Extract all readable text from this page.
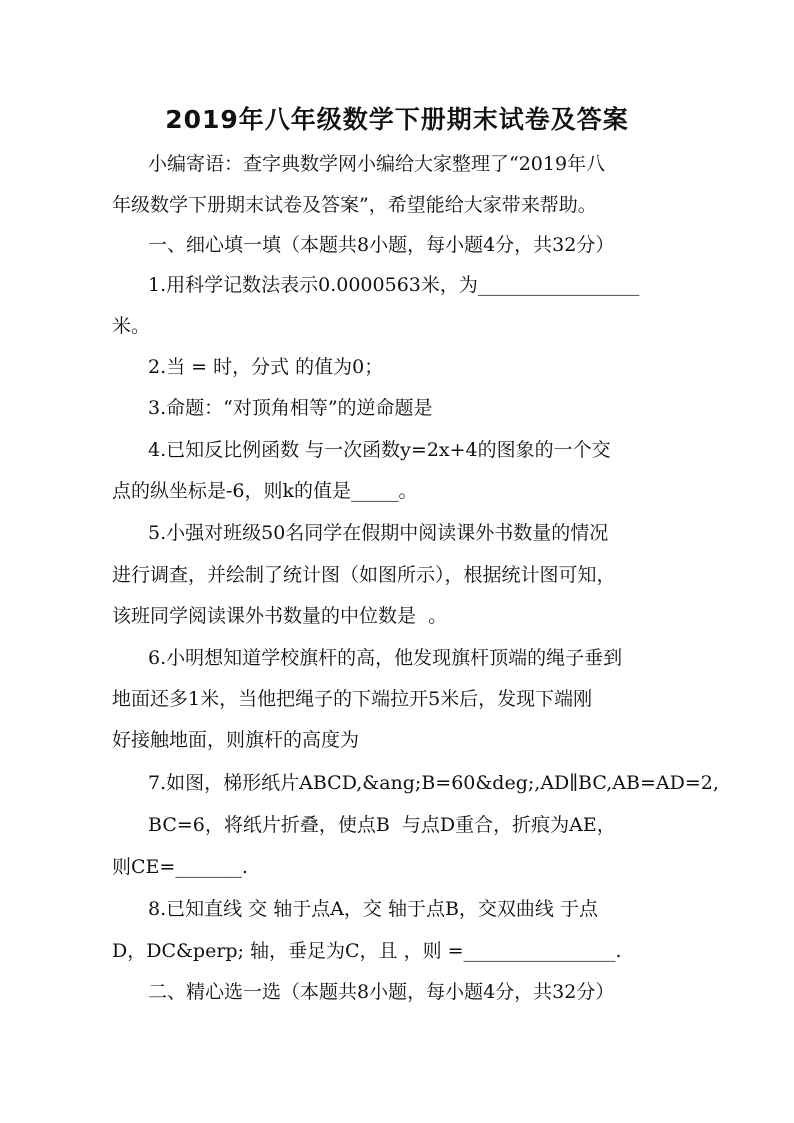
2019年八年级数学下册期末试卷及答案
小编寄语：查字典数学网小编给大家整理了“2019年八
年级数学下册期末试卷及答案”，希望能给大家带来帮助。
一、细心填一填（本题共8小题，每小题4分，共32分）
1.用科学记数法表示0.0000563米，为_________________
米。
2.当 = 时，分式 的值为0；
3.命题：“对顶角相等”的逆命题是
4.已知反比例函数 与一次函数y=2x+4的图象的一个交
点的纵坐标是-6，则k的值是_____。
5.小强对班级50名同学在假期中阅读课外书数量的情况
进行调查，并绘制了统计图（如图所示），根据统计图可知，
该班同学阅读课外书数量的中位数是  。
6.小明想知道学校旗杆的高，他发现旗杆顶端的绳子垂到
地面还多1米，当他把绳子的下端拉开5米后，发现下端刚
好接触地面，则旗杆的高度为
7.如图，梯形纸片ABCD,&ang;B=60&deg;,AD∥BC,AB=AD=2,
BC=6，将纸片折叠，使点B  与点D重合，折痕为AE，
则CE=_______.
8.已知直线 交 轴于点A，交 轴于点B，交双曲线 于点
D，DC&perp; 轴，垂足为C，且 ，则 =________________.
二、精心选一选（本题共8小题，每小题4分，共32分）
